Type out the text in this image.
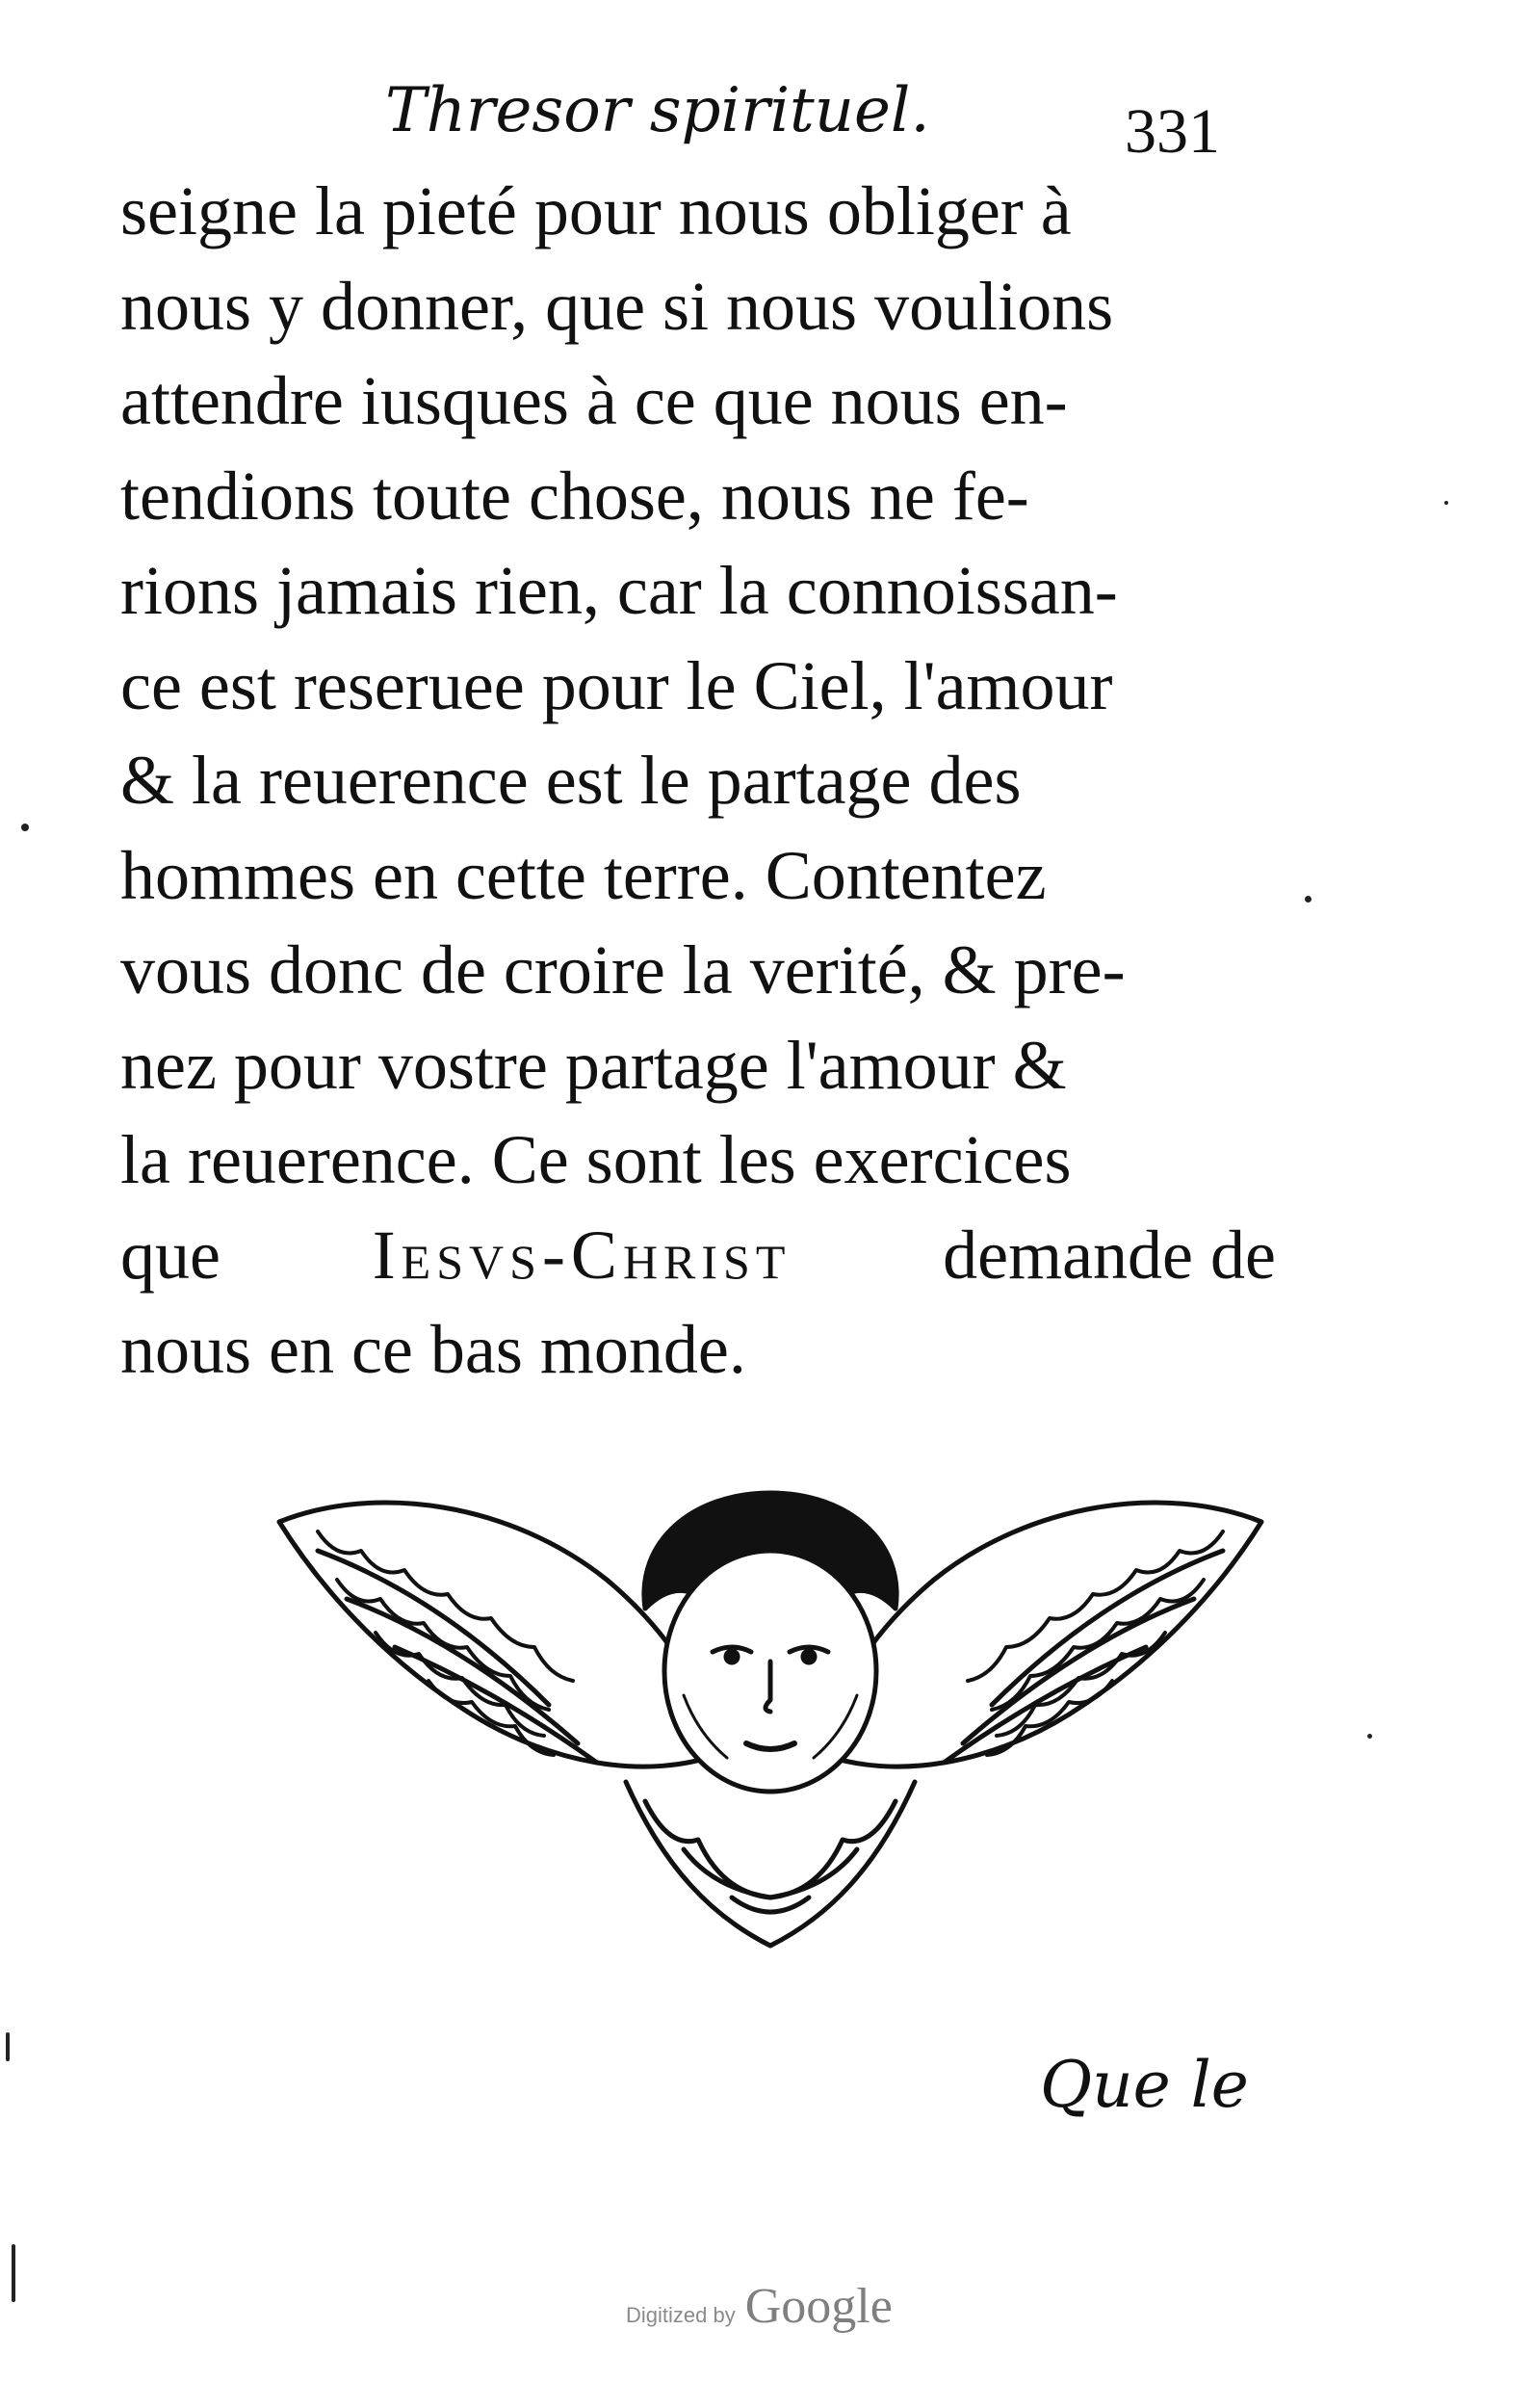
Thresor spirituel.	331
seigne la pieté pour nous obliger à
nous y donner, que si nous voulions
attendre iusques à ce que nous en-
tendions toute chose, nous ne fe-
rions jamais rien, car la connoissan-
ce est reseruee pour le Ciel, l'amour
& la reuerence est le partage des
hommes en cette terre. Contentez
vous donc de croire la verité, & pre-
nez pour vostre partage l'amour &
la reuerence. Ce sont les exercices
que Iesvs-Christ demande de
nous en ce bas monde.
Que le
Digitized by Google
